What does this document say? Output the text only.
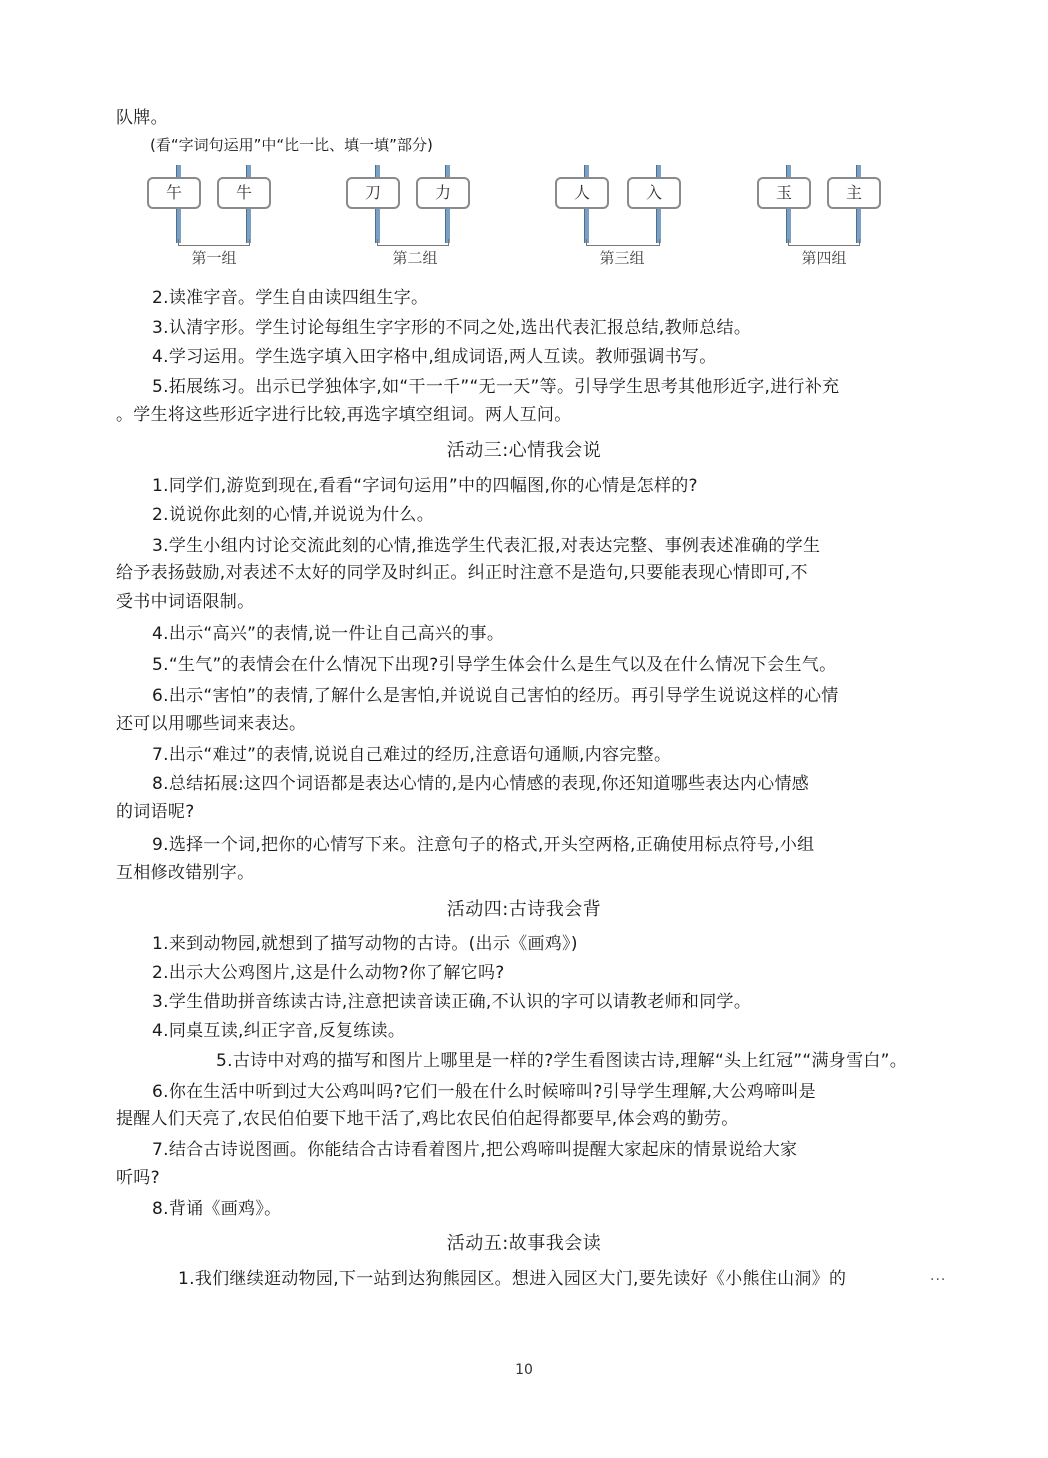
队牌。
(看“字词句运用”中“比一比、填一填”部分)
午	牛
第一组
刀	力
第二组
人	入
第三组
玉	主
第四组
2.读准字音。学生自由读四组生字。
3.认清字形。学生讨论每组生字字形的不同之处,选出代表汇报总结,教师总结。
4.学习运用。学生选字填入田字格中,组成词语,两人互读。教师强调书写。
5.拓展练习。出示已学独体字,如“干一千”“无一天”等。引导学生思考其他形近字,进行补充
。学生将这些形近字进行比较,再选字填空组词。两人互问。
活动三:心情我会说
1.同学们,游览到现在,看看“字词句运用”中的四幅图,你的心情是怎样的?
2.说说你此刻的心情,并说说为什么。
3.学生小组内讨论交流此刻的心情,推选学生代表汇报,对表达完整、事例表述准确的学生
给予表扬鼓励,对表述不太好的同学及时纠正。纠正时注意不是造句,只要能表现心情即可,不
受书中词语限制。
4.出示“高兴”的表情,说一件让自己高兴的事。
5.“生气”的表情会在什么情况下出现?引导学生体会什么是生气以及在什么情况下会生气。
6.出示“害怕”的表情,了解什么是害怕,并说说自己害怕的经历。再引导学生说说这样的心情
还可以用哪些词来表达。
7.出示“难过”的表情,说说自己难过的经历,注意语句通顺,内容完整。
8.总结拓展:这四个词语都是表达心情的,是内心情感的表现,你还知道哪些表达内心情感
的词语呢?
9.选择一个词,把你的心情写下来。注意句子的格式,开头空两格,正确使用标点符号,小组
互相修改错别字。
活动四:古诗我会背
1.来到动物园,就想到了描写动物的古诗。(出示《画鸡》)
2.出示大公鸡图片,这是什么动物?你了解它吗?
3.学生借助拼音练读古诗,注意把读音读正确,不认识的字可以请教老师和同学。
4.同桌互读,纠正字音,反复练读。
5.古诗中对鸡的描写和图片上哪里是一样的?学生看图读古诗,理解“头上红冠”“满身雪白”。
6.你在生活中听到过大公鸡叫吗?它们一般在什么时候啼叫?引导学生理解,大公鸡啼叫是
提醒人们天亮了,农民伯伯要下地干活了,鸡比农民伯伯起得都要早,体会鸡的勤劳。
7.结合古诗说图画。你能结合古诗看着图片,把公鸡啼叫提醒大家起床的情景说给大家
听吗?
8.背诵《画鸡》。
活动五:故事我会读
1.我们继续逛动物园,下一站到达狗熊园区。想进入园区大门,要先读好《小熊住山洞》的	···
10
